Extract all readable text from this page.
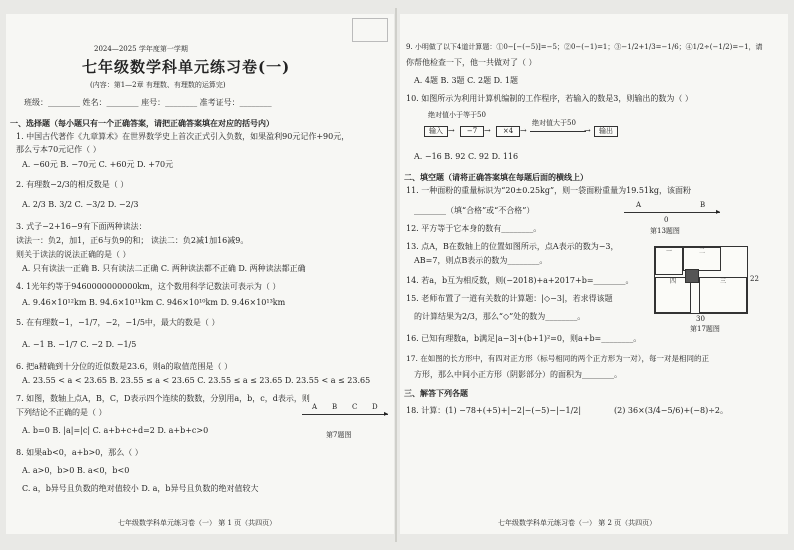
2024—2025 学年度第一学期
七年级数学科单元练习卷(一)
(内容：第1—2章 有理数、有理数的运算完)
班级：________ 姓名：________ 座号：________ 准考证号：________
一、选择题（每小题只有一个正确答案，请把正确答案填在对应的括号内）
1. 中国古代著作《九章算术》在世界数学史上首次正式引入负数，如果盈利90元记作+90元，
那么亏本70元记作（ ）
A. −60元 B. −70元 C. +60元 D. +70元
2. 有理数−2/3的相反数是（ ）
A. 2/3 B. 3/2 C. −3/2 D. −2/3
3. 式子−2+16−9有下面两种读法：
读法一：负2，加1，正6与负9的和； 读法二：负2减1加16减9。
则关于读法的说法正确的是（ ）
A. 只有读法一正确 B. 只有读法二正确 C. 两种读法都不正确 D. 两种读法都正确
4. 1光年约等于9460000000000km，这个数用科学记数法可表示为（ ）
A. 9.46×10¹²km B. 94.6×10¹¹km C. 946×10¹⁰km D. 9.46×10¹³km
5. 在有理数−1，−1/7，−2，−1/5中，最大的数是（ ）
A. −1 B. −1/7 C. −2 D. −1/5
6. 把a精确到十分位的近似数是23.6，则a的取值范围是（ ）
A. 23.55 < a < 23.65 B. 23.55 ≤ a < 23.65 C. 23.55 ≤ a ≤ 23.65 D. 23.55 < a ≤ 23.65
7. 如图，数轴上点A，B，C，D表示四个连续的数数，分别用a，b，c，d表示，则
下列结论不正确的是（ ）
A. b=0 B. |a|=|c| C. a+b+c+d=2 D. a+b+c>0
▸
A B C D
第7题图
8. 如果ab<0，a+b>0，那么（ ）
A. a>0，b>0 B. a<0，b<0
C. a，b异号且负数的绝对值较小 D. a，b异号且负数的绝对值较大
七年级数学科单元练习卷（一） 第 1 页（共四页）
9. 小明做了以下4道计算题：①0−[−(−5)]=−5；②0−(−1)=1；③−1/2+1/3=−1/6；④1/2÷(−1/2)=−1，请
你帮他检查一下，他一共做对了（ ）
A. 4题 B. 3题 C. 2题 D. 1题
10. 如图所示为利用计算机编制的工作程序，若输入的数是3，则输出的数为（ ）
输入 →	−7 →	×4 →
绝对值大于50
→	输出
绝对值小于等于50
A. −16 B. 92 C. 92 D. 116
二、填空题（请将正确答案填在每题后面的横线上）
11. 一种面粉的重量标识为“20±0.25kg”，则一袋面粉重量为19.51kg，该面粉
________（填“合格”或“不合格”）	▸
A
0
B
第13题图
12. 平方等于它本身的数有________。
13. 点A，B在数轴上的位置如图所示，点A表示的数为−3，
AB=7，则点B表示的数为________。
14. 若a，b互为相反数，则(−2018)+a+2017+b=________。
15. 老师布置了一道有关数的计算题：|◇−3|，若求得该题
的计算结果为2/3，那么“◇”处的数为________。
一	二
三
四
30
22
第17题图
16. 已知有理数a，b满足|a−3|+(b+1)²=0，则a+b=________。
17. 在如图的长方形中，有四对正方形（标号相同的两个正方形为一对），每一对是相同的正
方形，那么中间小正方形（阴影部分）的面积为________。
三、解答下列各题
18. 计算：(1) −78+(+5)+|−2|−(−5)−|−1/2|	(2) 36×(3/4−5/6)+(−8)÷2。
七年级数学科单元练习卷（一） 第 2 页（共四页）
